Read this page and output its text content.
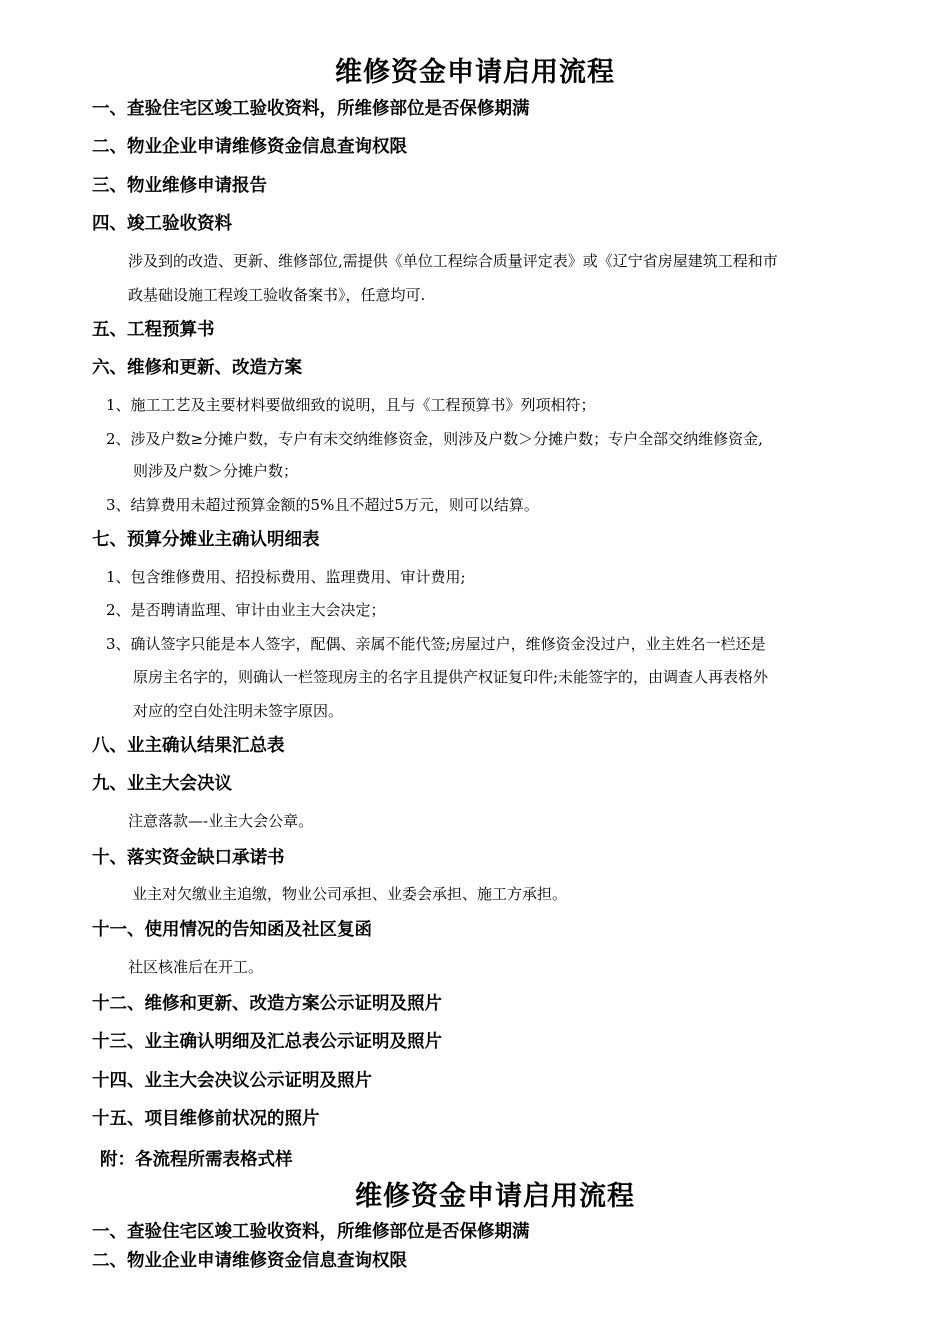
维修资金申请启用流程
一、查验住宅区竣工验收资料，所维修部位是否保修期满
二、物业企业申请维修资金信息查询权限
三、物业维修申请报告
四、竣工验收资料
涉及到的改造、更新、维修部位,需提供《单位工程综合质量评定表》或《辽宁省房屋建筑工程和市
政基础设施工程竣工验收备案书》，任意均可.
五、工程预算书
六、维修和更新、改造方案
1、施工工艺及主要材料要做细致的说明，且与《工程预算书》列项相符；
2、涉及户数≥分摊户数，专户有未交纳维修资金，则涉及户数＞分摊户数；专户全部交纳维修资金,
则涉及户数＞分摊户数；
3、结算费用未超过预算金额的5%且不超过5万元，则可以结算。
七、预算分摊业主确认明细表
1、包含维修费用、招投标费用、监理费用、审计费用;
2、是否聘请监理、审计由业主大会决定；
3、确认签字只能是本人签字，配偶、亲属不能代签;房屋过户，维修资金没过户，业主姓名一栏还是
原房主名字的，则确认一栏签现房主的名字且提供产权证复印件;未能签字的，由调查人再表格外
对应的空白处注明未签字原因。
八、业主确认结果汇总表
九、业主大会决议
注意落款—-业主大会公章。
十、落实资金缺口承诺书
业主对欠缴业主追缴，物业公司承担、业委会承担、施工方承担。
十一、使用情况的告知函及社区复函
社区核准后在开工。
十二、维修和更新、改造方案公示证明及照片
十三、业主确认明细及汇总表公示证明及照片
十四、业主大会决议公示证明及照片
十五、项目维修前状况的照片
附：各流程所需表格式样
维修资金申请启用流程
一、查验住宅区竣工验收资料，所维修部位是否保修期满
二、物业企业申请维修资金信息查询权限
